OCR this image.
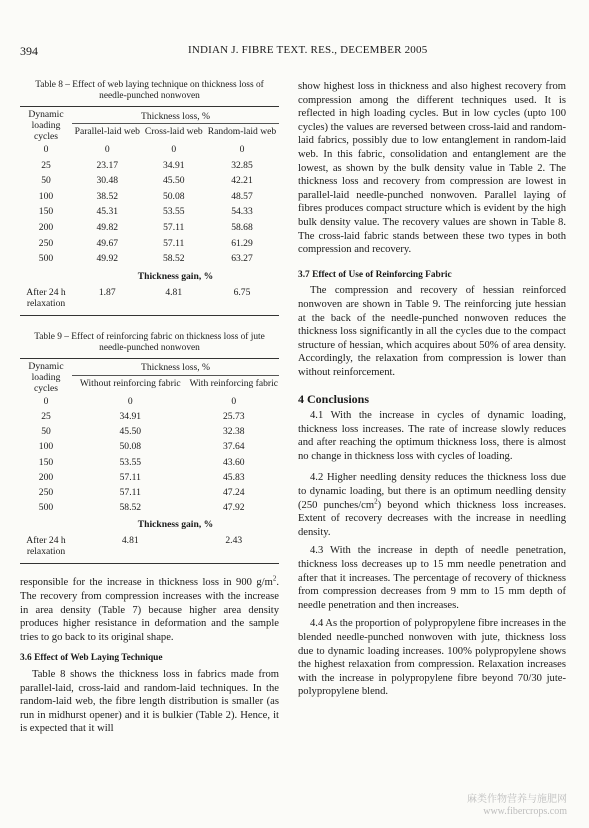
394	INDIAN J. FIBRE TEXT. RES., DECEMBER 2005
Table 8 – Effect of web laying technique on thickness loss of needle-punched nonwoven
Dynamic loading cycles	Thickness loss, %		
	Parallel-laid web	Cross-laid web	Random-laid web
0	0	0	0
25	23.17	34.91	32.85
50	30.48	45.50	42.21
100	38.52	50.08	48.57
150	45.31	53.55	54.33
200	49.82	57.11	58.68
250	49.67	57.11	61.29
500	49.92	58.52	63.27
	Thickness gain, %		
After 24 h relaxation	1.87	4.81	6.75
Table 9 – Effect of reinforcing fabric on thickness loss of jute needle-punched nonwoven
Dynamic loading cycles	Thickness loss, %	
	Without reinforcing fabric	With reinforcing fabric
0	0	0
25	34.91	25.73
50	45.50	32.38
100	50.08	37.64
150	53.55	43.60
200	57.11	45.83
250	57.11	47.24
500	58.52	47.92
	Thickness gain, %	
After 24 h relaxation	4.81	2.43

responsible for the increase in thickness loss in 900 $g/m^2$. The recovery from compression increases with the increase in area density (Table 7) because higher area density produces higher resistance in deformation and the sample tries to go back to its original shape.

3.6 Effect of Web Laying Technique

Table 8 shows the thickness loss in fabrics made from parallel-laid, cross-laid and random-laid techniques. In the random-laid web, the fibre length distribution is smaller (as run in midhurst opener) and it is bulkier (Table 2). Hence, it is expected that it will

show highest loss in thickness and also highest recovery from compression among the different techniques used. It is reflected in high loading cycles. But in low cycles (upto 100 cycles) the values are reversed between cross-laid and random-laid fabrics, possibly due to low entanglement in random-laid web. In this fabric, consolidation and entanglement are the lowest, as shown by the bulk density value in Table 2. The thickness loss and recovery from compression are lowest in parallel-laid needle-punched nonwoven. Parallel laying of fibres produces compact structure which is evident by the high bulk density value. The recovery values are shown in Table 8. The cross-laid fabric stands between these two types in both compression and recovery.

3.7 Effect of Use of Reinforcing Fabric

The compression and recovery of hessian reinforced nonwoven are shown in Table 9. The reinforcing jute hessian at the back of the needle-punched nonwoven reduces the thickness loss significantly in all the cycles due to the compact structure of hessian, which acquires about 50% of area density. Accordingly, the relaxation from compression is lower than without reinforcement.

4 Conclusions

4.1 With the increase in cycles of dynamic loading, thickness loss increases. The rate of increase slowly reduces and after reaching the optimum thickness loss, there is almost no change in thickness loss with cycles of loading.

4.2 Higher needling density reduces the thickness loss due to dynamic loading, but there is an optimum needling density (250 punches/$cm^2$) beyond which thickness loss increases. Extent of recovery decreases with the increase in needling density.

4.3 With the increase in depth of needle penetration, thickness loss decreases up to 15 mm needle penetration and after that it increases. The percentage of recovery of thickness from compression decreases from 9 mm to 15 mm depth of needle penetration and then increases.

4.4 As the proportion of polypropylene fibre increases in the blended needle-punched nonwoven with jute, thickness loss due to dynamic loading increases. 100% polypropylene shows the highest relaxation from compression. Relaxation increases with the increase in polypropylene fibre beyond 70/30 jute-polypropylene blend.

麻类作物营养与施肥网
www.fibercrops.com
